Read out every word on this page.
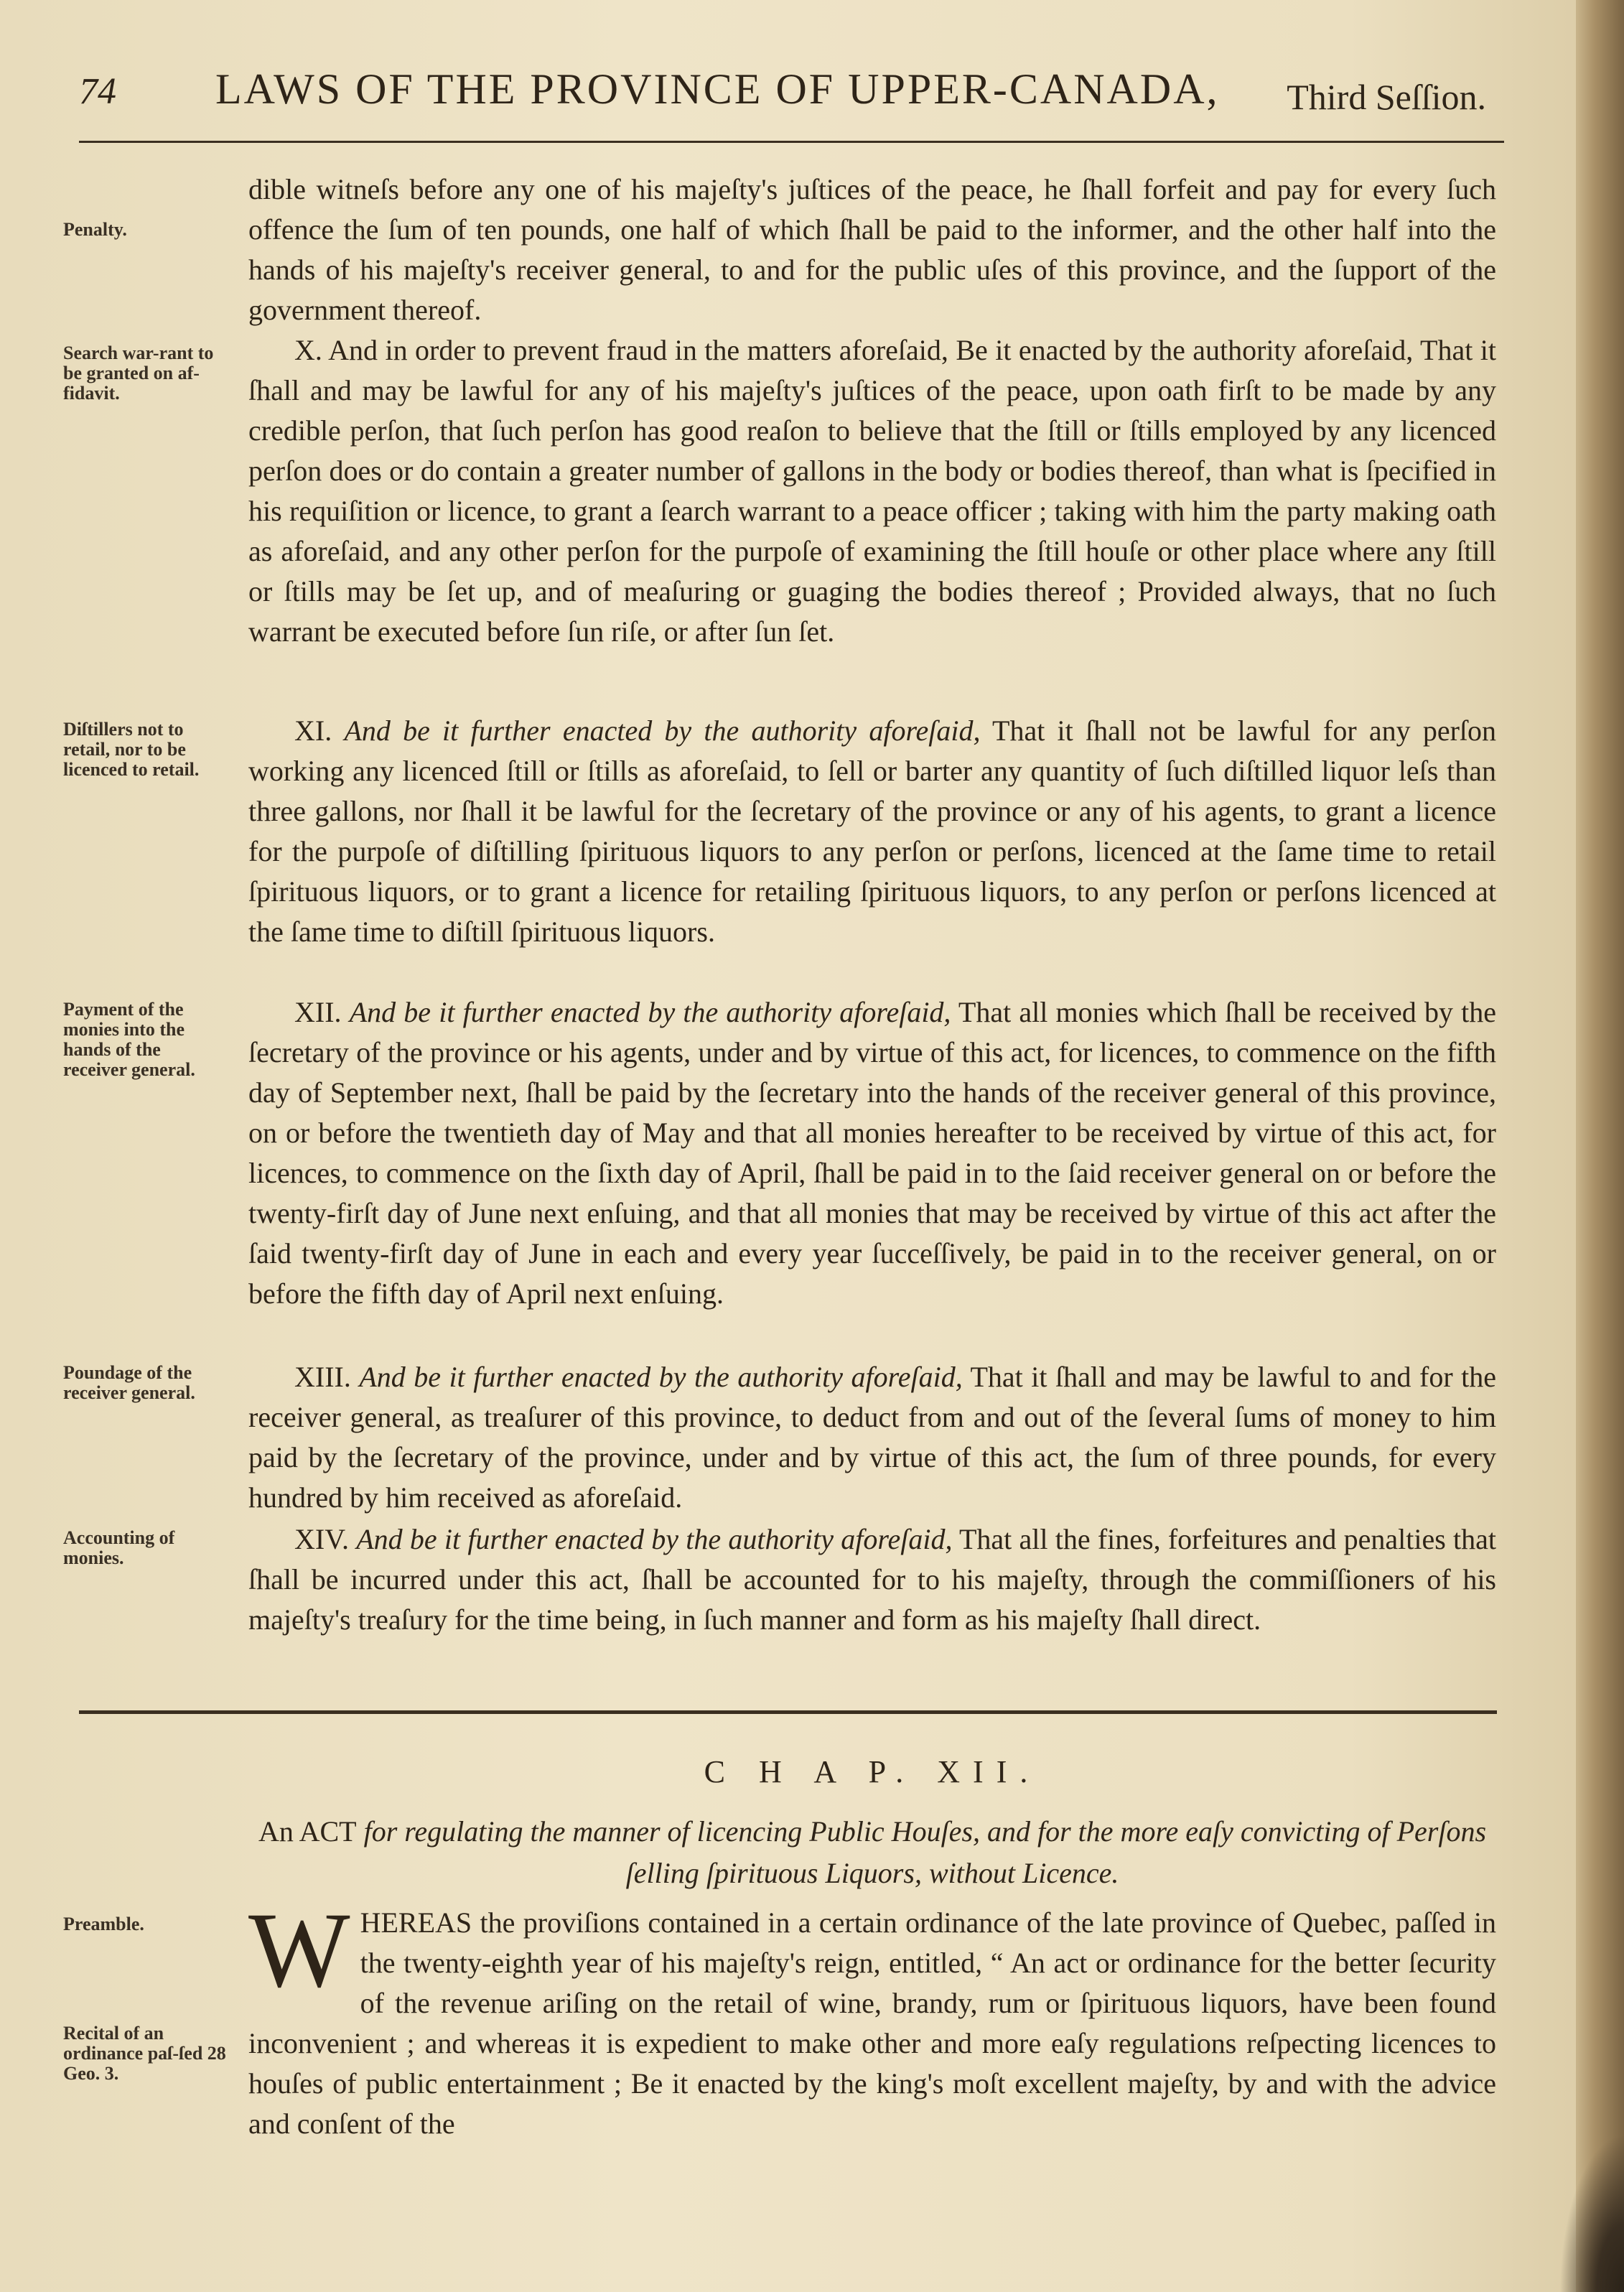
74 LAWS OF THE PROVINCE OF UPPER-CANADA, Third Seſſion.
dible witneſs before any one of his majeſty's juſtices of the peace, he ſhall forfeit and pay for every ſuch offence the ſum of ten pounds, one half of which ſhall be paid to the informer, and the other half into the hands of his majeſty's receiver general, to and for the public uſes of this province, and the ſupport of the government thereof.
Penalty.
X. And in order to prevent fraud in the matters aforeſaid, Be it enacted by the authority aforeſaid, That it ſhall and may be lawful for any of his majeſty's juſtices of the peace, upon oath firſt to be made by any credible perſon, that ſuch perſon has good reaſon to believe that the ſtill or ſtills employed by any licenced perſon does or do contain a greater number of gallons in the body or bodies thereof, than what is ſpecified in his requiſition or licence, to grant a ſearch warrant to a peace officer ; taking with him the party making oath as aforeſaid, and any other perſon for the purpoſe of examining the ſtill houſe or other place where any ſtill or ſtills may be ſet up, and of meaſuring or guaging the bodies thereof ; Provided always, that no ſuch warrant be executed before ſun riſe, or after ſun ſet.
Search war-rant to be granted on af-fidavit.
XI. And be it further enacted by the authority aforeſaid, That it ſhall not be lawful for any perſon working any licenced ſtill or ſtills as aforeſaid, to ſell or barter any quantity of ſuch diſtilled liquor leſs than three gallons, nor ſhall it be lawful for the ſecretary of the province or any of his agents, to grant a licence for the purpoſe of diſtilling ſpirituous liquors to any perſon or perſons, licenced at the ſame time to retail ſpirituous liquors, or to grant a licence for retailing ſpirituous liquors, to any perſon or perſons licenced at the ſame time to diſtill ſpirituous liquors.
Diſtillers not to retail, nor to be licenced to retail.
XII. And be it further enacted by the authority aforeſaid, That all monies which ſhall be received by the ſecretary of the province or his agents, under and by virtue of this act, for licences, to commence on the fifth day of September next, ſhall be paid by the ſecretary into the hands of the receiver general of this province, on or before the twentieth day of May and that all monies hereafter to be received by virtue of this act, for licences, to commence on the ſixth day of April, ſhall be paid in to the ſaid receiver general on or before the twenty-firſt day of June next enſuing, and that all monies that may be received by virtue of this act after the ſaid twenty-firſt day of June in each and every year ſucceſſively, be paid in to the receiver general, on or before the fifth day of April next enſuing.
Payment of the monies into the hands of the receiver general.
XIII. And be it further enacted by the authority aforeſaid, That it ſhall and may be lawful to and for the receiver general, as treaſurer of this province, to deduct from and out of the ſeveral ſums of money to him paid by the ſecretary of the province, under and by virtue of this act, the ſum of three pounds, for every hundred by him received as aforeſaid.
Poundage of the receiver general.
XIV. And be it further enacted by the authority aforeſaid, That all the fines, forfeitures and penalties that ſhall be incurred under this act, ſhall be accounted for to his majeſty, through the commiſſioners of his majeſty's treaſury for the time being, in ſuch manner and form as his majeſty ſhall direct.
Accounting of monies.
C H A P. XII.
An ACT for regulating the manner of licencing Public Houſes, and for the more eaſy convicting of Perſons ſelling ſpirituous Liquors, without Licence.
W HEREAS the proviſions contained in a certain ordinance of the late province of Quebec, paſſed in the twenty-eighth year of his majeſty's reign, entitled, “ An act or ordinance for the better ſecurity of the revenue ariſing on the retail of wine, brandy, rum or ſpirituous liquors, have been found inconvenient ; and whereas it is expedient to make other and more eaſy regulations reſpecting licences to houſes of public entertainment ; Be it enacted by the king's moſt excellent majeſty, by and with the advice and conſent of the
Preamble.
Recital of an ordinance paſ-ſed 28 Geo. 3.
